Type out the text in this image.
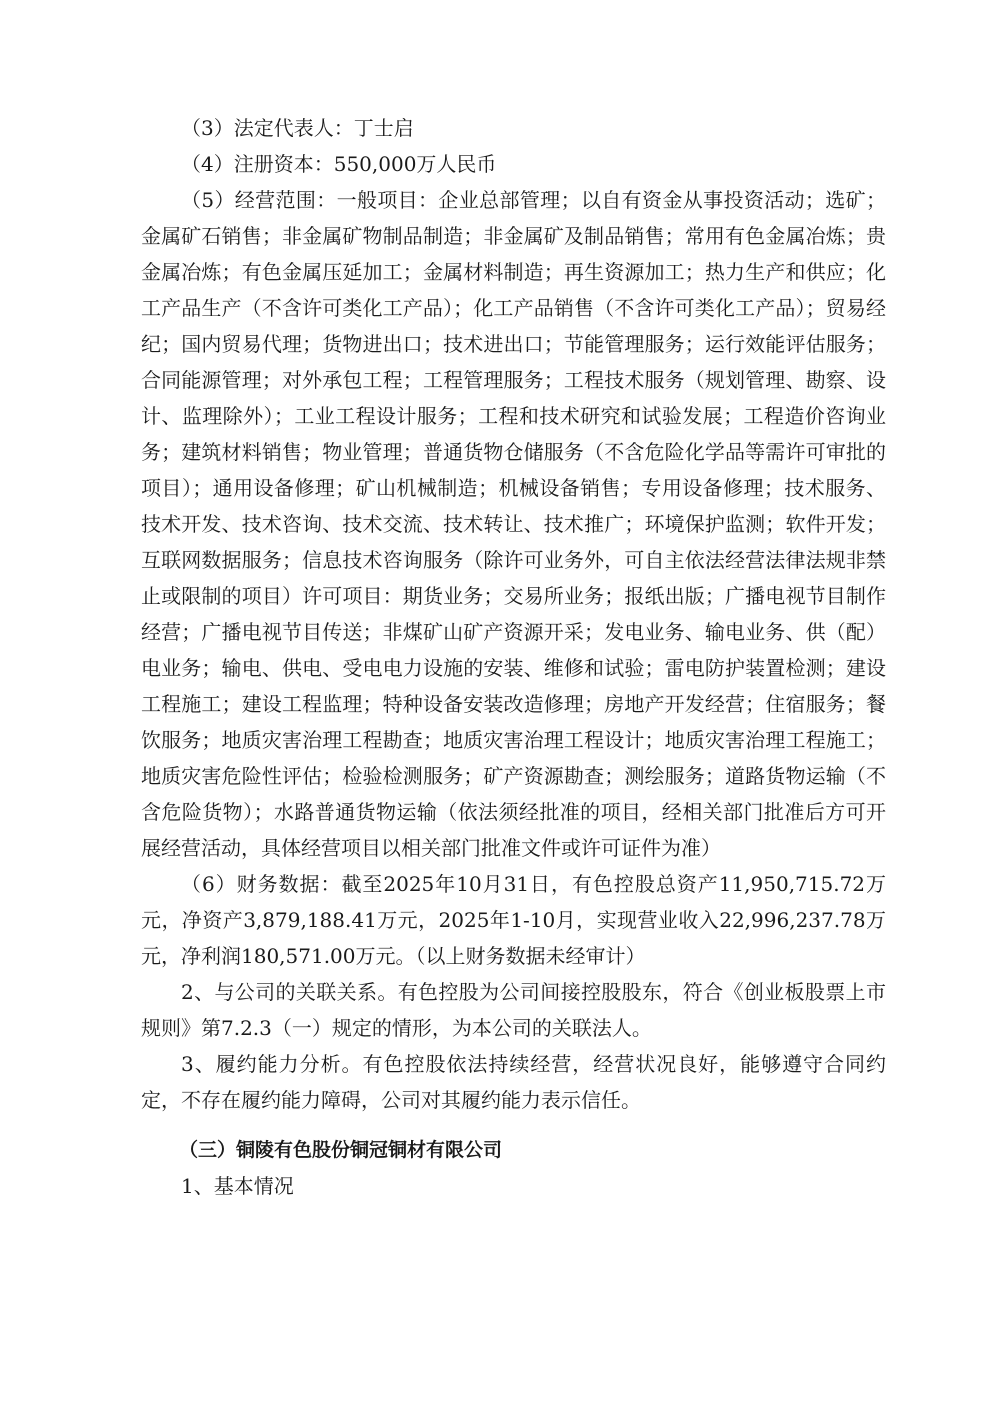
（3）法定代表人：丁士启

（4）注册资本：550,000万人民币

（5）经营范围：一般项目：企业总部管理；以自有资金从事投资活动；选矿；金属矿石销售；非金属矿物制品制造；非金属矿及制品销售；常用有色金属冶炼；贵金属冶炼；有色金属压延加工；金属材料制造；再生资源加工；热力生产和供应；化工产品生产（不含许可类化工产品）；化工产品销售（不含许可类化工产品）；贸易经纪；国内贸易代理；货物进出口；技术进出口；节能管理服务；运行效能评估服务；合同能源管理；对外承包工程；工程管理服务；工程技术服务（规划管理、勘察、设计、监理除外）；工业工程设计服务；工程和技术研究和试验发展；工程造价咨询业务；建筑材料销售；物业管理；普通货物仓储服务（不含危险化学品等需许可审批的项目）；通用设备修理；矿山机械制造；机械设备销售；专用设备修理；技术服务、技术开发、技术咨询、技术交流、技术转让、技术推广；环境保护监测；软件开发；互联网数据服务；信息技术咨询服务（除许可业务外，可自主依法经营法律法规非禁止或限制的项目）许可项目：期货业务；交易所业务；报纸出版；广播电视节目制作经营；广播电视节目传送；非煤矿山矿产资源开采；发电业务、输电业务、供（配）电业务；输电、供电、受电电力设施的安装、维修和试验；雷电防护装置检测；建设工程施工；建设工程监理；特种设备安装改造修理；房地产开发经营；住宿服务；餐饮服务；地质灾害治理工程勘查；地质灾害治理工程设计；地质灾害治理工程施工；地质灾害危险性评估；检验检测服务；矿产资源勘查；测绘服务；道路货物运输（不含危险货物）；水路普通货物运输（依法须经批准的项目，经相关部门批准后方可开展经营活动，具体经营项目以相关部门批准文件或许可证件为准）

（6）财务数据：截至2025年10月31日，有色控股总资产11,950,715.72万元，净资产3,879,188.41万元，2025年1-10月，实现营业收入22,996,237.78万元，净利润180,571.00万元。（以上财务数据未经审计）

2、与公司的关联关系。有色控股为公司间接控股股东，符合《创业板股票上市规则》第7.2.3（一）规定的情形，为本公司的关联法人。

3、履约能力分析。有色控股依法持续经营，经营状况良好，能够遵守合同约定，不存在履约能力障碍，公司对其履约能力表示信任。

（三）铜陵有色股份铜冠铜材有限公司

1、基本情况
